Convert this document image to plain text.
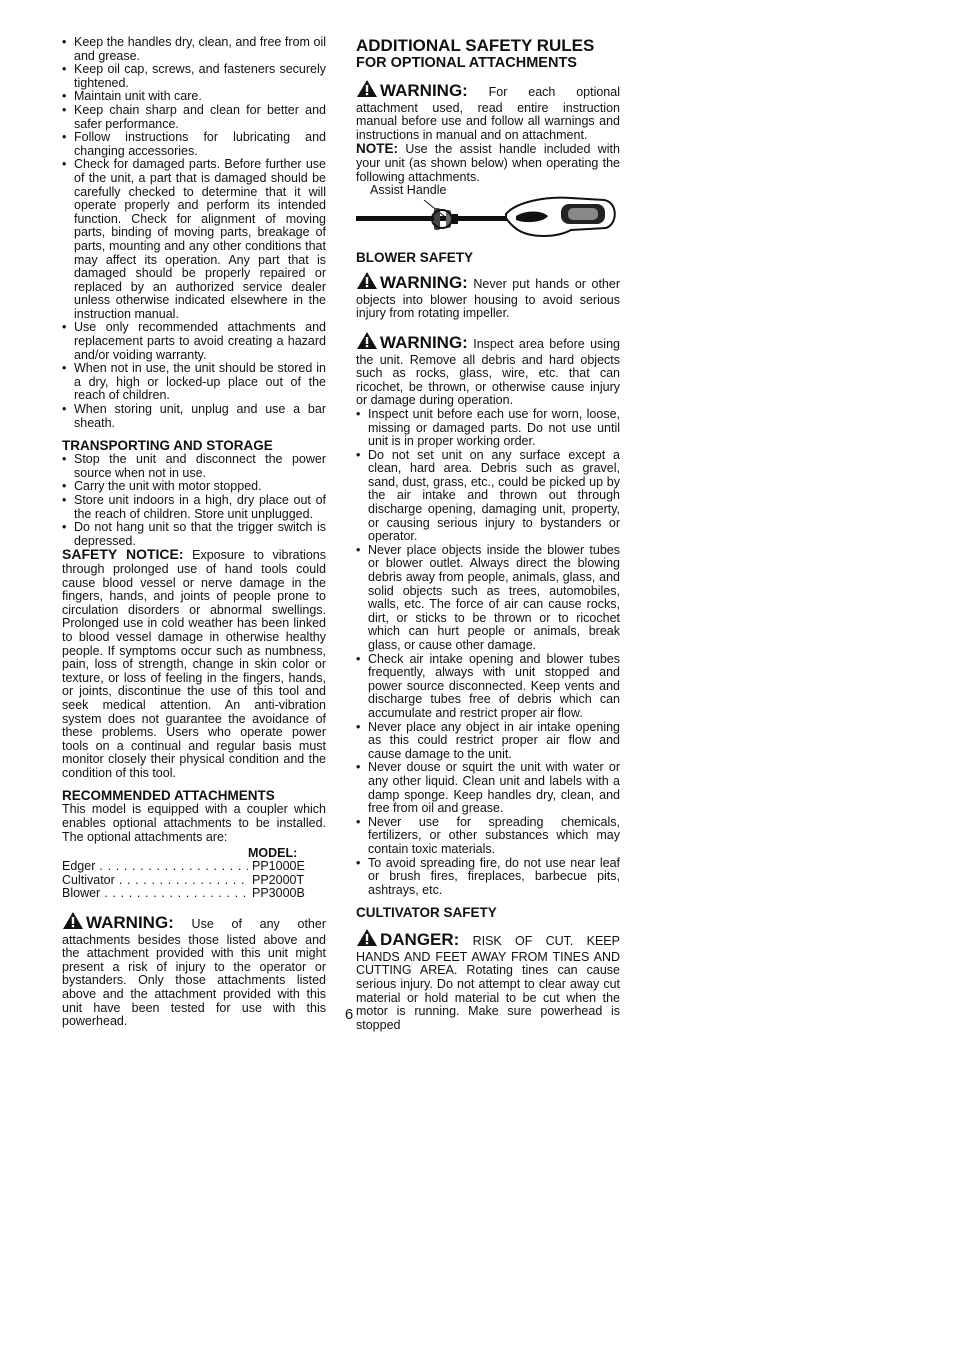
• Keep the handles dry, clean, and free from oil and grease.
• Keep oil cap, screws, and fasteners securely tightened.
• Maintain unit with care.
• Keep chain sharp and clean for better and safer performance.
• Follow instructions for lubricating and changing accessories.
• Check for damaged parts. Before further use of the unit, a part that is damaged should be carefully checked to determine that it will operate properly and perform its intended function. Check for alignment of moving parts, binding of moving parts, breakage of parts, mounting and any other conditions that may affect its operation. Any part that is damaged should be properly repaired or replaced by an authorized service dealer unless otherwise indicated elsewhere in the instruction manual.
• Use only recommended attachments and replacement parts to avoid creating a hazard and/or voiding warranty.
• When not in use, the unit should be stored in a dry, high or locked-up place out of the reach of children.
• When storing unit, unplug and use a bar sheath.
TRANSPORTING AND STORAGE
• Stop the unit and disconnect the power source when not in use.
• Carry the unit with motor stopped.
• Store unit indoors in a high, dry place out of the reach of children. Store unit unplugged.
• Do not hang unit so that the trigger switch is depressed.

SAFETY NOTICE: Exposure to vibrations through prolonged use of hand tools could cause blood vessel or nerve damage in the fingers, hands, and joints of people prone to circulation disorders or abnormal swellings. Prolonged use in cold weather has been linked to blood vessel damage in otherwise healthy people. If symptoms occur such as numbness, pain, loss of strength, change in skin color or texture, or loss of feeling in the fingers, hands, or joints, discontinue the use of this tool and seek medical attention. An anti-vibration system does not guarantee the avoidance of these problems. Users who operate power tools on a continual and regular basis must monitor closely their physical condition and the condition of this tool.

RECOMMENDED ATTACHMENTS

This model is equipped with a coupler which enables optional attachments to be installed. The optional attachments are:

MODEL:
Edger . . .	PP1000E
Cultivator . . .	PP2000T
Blower . . .	PP3000B

WARNING: Use of any other attachments besides those listed above and the attachment provided with this unit might present a risk of injury to the operator or bystanders. Only those attachments listed above and the attachment provided with this unit have been tested for use with this powerhead.

ADDITIONAL SAFETY RULES
FOR OPTIONAL ATTACHMENTS

WARNING: For each optional attachment used, read entire instruction manual before use and follow all warnings and instructions in manual and on attachment.

NOTE: Use the assist handle included with your unit (as shown below) when operating the following attachments.

Assist Handle
BLOWER SAFETY

WARNING: Never put hands or other objects into blower housing to avoid serious injury from rotating impeller.

WARNING: Inspect area before using the unit. Remove all debris and hard objects such as rocks, glass, wire, etc. that can ricochet, be thrown, or otherwise cause injury or damage during operation.

• Inspect unit before each use for worn, loose, missing or damaged parts. Do not use until unit is in proper working order.
• Do not set unit on any surface except a clean, hard area. Debris such as gravel, sand, dust, grass, etc., could be picked up by the air intake and thrown out through discharge opening, damaging unit, property, or causing serious injury to bystanders or operator.
• Never place objects inside the blower tubes or blower outlet. Always direct the blowing debris away from people, animals, glass, and solid objects such as trees, automobiles, walls, etc. The force of air can cause rocks, dirt, or sticks to be thrown or to ricochet which can hurt people or animals, break glass, or cause other damage.
• Check air intake opening and blower tubes frequently, always with unit stopped and power source disconnected. Keep vents and discharge tubes free of debris which can accumulate and restrict proper air flow.
• Never place any object in air intake opening as this could restrict proper air flow and cause damage to the unit.
• Never douse or squirt the unit with water or any other liquid. Clean unit and labels with a damp sponge. Keep handles dry, clean, and free from oil and grease.
• Never use for spreading chemicals, fertilizers, or other substances which may contain toxic materials.
• To avoid spreading fire, do not use near leaf or brush fires, fireplaces, barbecue pits, ashtrays, etc.
CULTIVATOR SAFETY

DANGER: RISK OF CUT. KEEP HANDS AND FEET AWAY FROM TINES AND CUTTING AREA. Rotating tines can cause serious injury. Do not attempt to clear away cut material or hold material to be cut when the motor is running. Make sure powerhead is stopped

6
